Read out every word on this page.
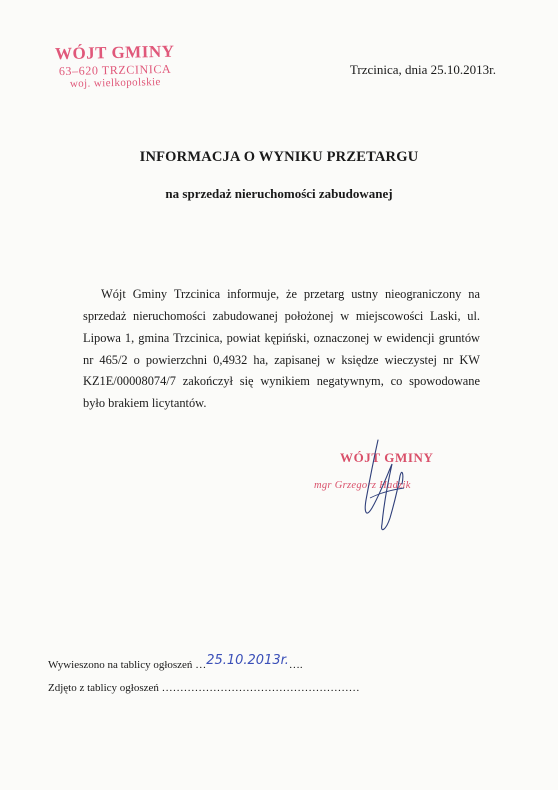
WÓJT GMINY
63–620 TRZCINICA
woj. wielkopolskie
Trzcinica, dnia 25.10.2013r.
INFORMACJA O WYNIKU PRZETARGU
na sprzedaż nieruchomości zabudowanej

Wójt Gminy Trzcinica informuje, że przetarg ustny nieograniczony na sprzedaż nieruchomości zabudowanej położonej w miejscowości Laski, ul. Lipowa 1, gmina Trzcinica, powiat kępiński, oznaczonej w ewidencji gruntów nr 465/2 o powierzchni 0,4932 ha, zapisanej w księdze wieczystej nr KW KZ1E/00008074/7 zakończył się wynikiem negatywnym, co spowodowane było brakiem licytantów.

WÓJT GMINY
mgr Grzegorz Hadzik
Wywieszono na tablicy ogłoszeń …25.10.2013r.….
Zdjęto z tablicy ogłoszeń ………………………………………………
